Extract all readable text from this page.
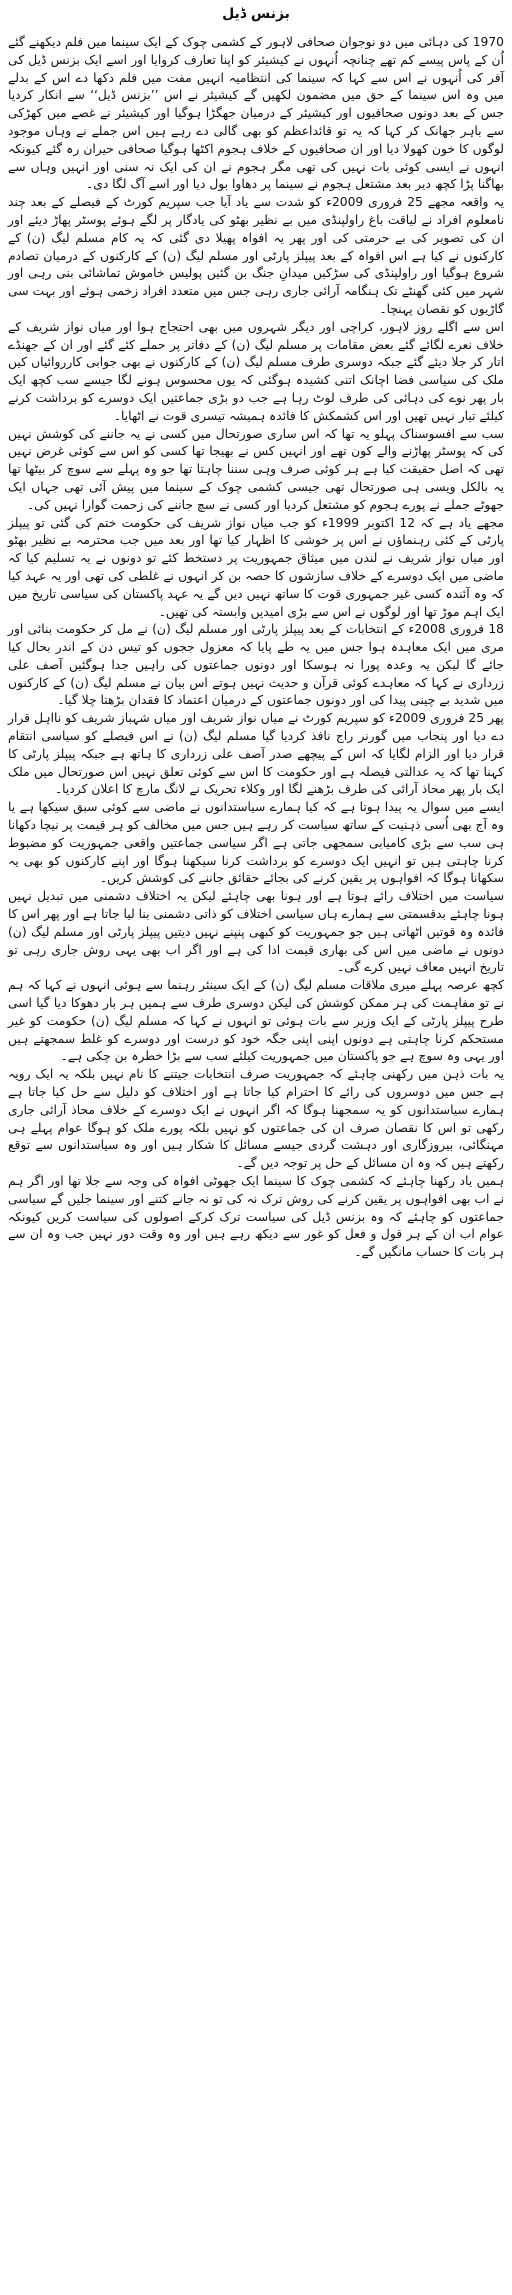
بزنس ڈیل

1970 کی دہائی میں دو نوجوان صحافی لاہور کے کشمی چوک کے ایک سینما میں فلم دیکھنے گئے اُن کے پاس پیسے کم تھے چنانچہ اُنہوں نے کیشیئر کو اپنا تعارف کروایا اور اسے ایک بزنس ڈیل کی آفر کی اُنہوں نے اس سے کہا کہ سینما کی انتظامیہ انہیں مفت میں فلم دکھا دے اس کے بدلے میں وہ اس سینما کے حق میں مضمون لکھیں گے کیشیئر نے اس ’’بزنس ڈیل‘‘ سے انکار کردیا جس کے بعد دونوں صحافیوں اور کیشیئر کے درمیان جھگڑا ہوگیا اور کیشیئر نے غصے میں کھڑکی سے باہر جھانک کر کہا کہ یہ تو قائداعظم کو بھی گالی دے رہے ہیں اس جملے نے وہاں موجود لوگوں کا خون کھولا دیا اور ان صحافیوں کے خلاف ہجوم اکٹھا ہوگیا صحافی حیران رہ گئے کیونکہ انہوں نے ایسی کوئی بات نہیں کی تھی مگر ہجوم نے ان کی ایک نہ سنی اور انہیں وہاں سے بھاگنا پڑا کچھ دیر بعد مشتعل ہجوم نے سینما پر دھاوا بول دیا اور اسے آگ لگا دی۔

یہ واقعہ مجھے 25 فروری 2009ء کو شدت سے یاد آیا جب سپریم کورٹ کے فیصلے کے بعد چند نامعلوم افراد نے لیاقت باغ راولپنڈی میں بے نظیر بھٹو کی یادگار پر لگے ہوئے پوسٹر پھاڑ دیئے اور ان کی تصویر کی بے حرمتی کی اور پھر یہ افواہ پھیلا دی گئی کہ یہ کام مسلم لیگ (ن) کے کارکنوں نے کیا ہے اس افواہ کے بعد پیپلز پارٹی اور مسلم لیگ (ن) کے کارکنوں کے درمیان تصادم شروع ہوگیا اور راولپنڈی کی سڑکیں میدانِ جنگ بن گئیں پولیس خاموش تماشائی بنی رہی اور شہر میں کئی گھنٹے تک ہنگامہ آرائی جاری رہی جس میں متعدد افراد زخمی ہوئے اور بہت سی گاڑیوں کو نقصان پہنچا۔

اس سے اگلے روز لاہور، کراچی اور دیگر شہروں میں بھی احتجاج ہوا اور میاں نواز شریف کے خلاف نعرے لگائے گئے بعض مقامات پر مسلم لیگ (ن) کے دفاتر پر حملے کئے گئے اور ان کے جھنڈے اتار کر جلا دیئے گئے جبکہ دوسری طرف مسلم لیگ (ن) کے کارکنوں نے بھی جوابی کارروائیاں کیں ملک کی سیاسی فضا اچانک اتنی کشیدہ ہوگئی کہ یوں محسوس ہونے لگا جیسے سب کچھ ایک بار پھر نوے کی دہائی کی طرف لوٹ رہا ہے جب دو بڑی جماعتیں ایک دوسرے کو برداشت کرنے کیلئے تیار نہیں تھیں اور اس کشمکش کا فائدہ ہمیشہ تیسری قوت نے اٹھایا۔

سب سے افسوسناک پہلو یہ تھا کہ اس ساری صورتحال میں کسی نے یہ جاننے کی کوشش نہیں کی کہ پوسٹر پھاڑنے والے کون تھے اور انہیں کس نے بھیجا تھا کسی کو اس سے کوئی غرض نہیں تھی کہ اصل حقیقت کیا ہے ہر کوئی صرف وہی سننا چاہتا تھا جو وہ پہلے سے سوچ کر بیٹھا تھا یہ بالکل ویسی ہی صورتحال تھی جیسی کشمی چوک کے سینما میں پیش آئی تھی جہاں ایک جھوٹے جملے نے پورے ہجوم کو مشتعل کردیا اور کسی نے سچ جاننے کی زحمت گوارا نہیں کی۔

مجھے یاد ہے کہ 12 اکتوبر 1999ء کو جب میاں نواز شریف کی حکومت ختم کی گئی تو پیپلز پارٹی کے کئی رہنماؤں نے اس پر خوشی کا اظہار کیا تھا اور بعد میں جب محترمہ بے نظیر بھٹو اور میاں نواز شریف نے لندن میں میثاق جمہوریت پر دستخط کئے تو دونوں نے یہ تسلیم کیا کہ ماضی میں ایک دوسرے کے خلاف سازشوں کا حصہ بن کر انہوں نے غلطی کی تھی اور یہ عہد کیا کہ وہ آئندہ کسی غیر جمہوری قوت کا ساتھ نہیں دیں گے یہ عہد پاکستان کی سیاسی تاریخ میں ایک اہم موڑ تھا اور لوگوں نے اس سے بڑی امیدیں وابستہ کی تھیں۔

18 فروری 2008ء کے انتخابات کے بعد پیپلز پارٹی اور مسلم لیگ (ن) نے مل کر حکومت بنائی اور مری میں ایک معاہدہ ہوا جس میں یہ طے پایا کہ معزول ججوں کو تیس دن کے اندر بحال کیا جائے گا لیکن یہ وعدہ پورا نہ ہوسکا اور دونوں جماعتوں کی راہیں جدا ہوگئیں آصف علی زرداری نے کہا کہ معاہدے کوئی قرآن و حدیث نہیں ہوتے اس بیان نے مسلم لیگ (ن) کے کارکنوں میں شدید بے چینی پیدا کی اور دونوں جماعتوں کے درمیان اعتماد کا فقدان بڑھتا چلا گیا۔

پھر 25 فروری 2009ء کو سپریم کورٹ نے میاں نواز شریف اور میاں شہباز شریف کو نااہل قرار دے دیا اور پنجاب میں گورنر راج نافذ کردیا گیا مسلم لیگ (ن) نے اس فیصلے کو سیاسی انتقام قرار دیا اور الزام لگایا کہ اس کے پیچھے صدر آصف علی زرداری کا ہاتھ ہے جبکہ پیپلز پارٹی کا کہنا تھا کہ یہ عدالتی فیصلہ ہے اور حکومت کا اس سے کوئی تعلق نہیں اس صورتحال میں ملک ایک بار پھر محاذ آرائی کی طرف بڑھنے لگا اور وکلاء تحریک نے لانگ مارچ کا اعلان کردیا۔

ایسے میں سوال یہ پیدا ہوتا ہے کہ کیا ہمارے سیاستدانوں نے ماضی سے کوئی سبق سیکھا ہے یا وہ آج بھی اُسی ذہنیت کے ساتھ سیاست کر رہے ہیں جس میں مخالف کو ہر قیمت پر نیچا دکھانا ہی سب سے بڑی کامیابی سمجھی جاتی ہے اگر سیاسی جماعتیں واقعی جمہوریت کو مضبوط کرنا چاہتی ہیں تو انہیں ایک دوسرے کو برداشت کرنا سیکھنا ہوگا اور اپنے کارکنوں کو بھی یہ سکھانا ہوگا کہ افواہوں پر یقین کرنے کی بجائے حقائق جاننے کی کوشش کریں۔

سیاست میں اختلاف رائے ہوتا ہے اور ہونا بھی چاہئے لیکن یہ اختلاف دشمنی میں تبدیل نہیں ہونا چاہئے بدقسمتی سے ہمارے ہاں سیاسی اختلاف کو ذاتی دشمنی بنا لیا جاتا ہے اور پھر اس کا فائدہ وہ قوتیں اٹھاتی ہیں جو جمہوریت کو کبھی پنپنے نہیں دیتیں پیپلز پارٹی اور مسلم لیگ (ن) دونوں نے ماضی میں اس کی بھاری قیمت ادا کی ہے اور اگر اب بھی یہی روش جاری رہی تو تاریخ انہیں معاف نہیں کرے گی۔

کچھ عرصہ پہلے میری ملاقات مسلم لیگ (ن) کے ایک سینئر رہنما سے ہوئی انہوں نے کہا کہ ہم نے تو مفاہمت کی ہر ممکن کوشش کی لیکن دوسری طرف سے ہمیں ہر بار دھوکا دیا گیا اسی طرح پیپلز پارٹی کے ایک وزیر سے بات ہوئی تو انہوں نے کہا کہ مسلم لیگ (ن) حکومت کو غیر مستحکم کرنا چاہتی ہے دونوں اپنی اپنی جگہ خود کو درست اور دوسرے کو غلط سمجھتے ہیں اور یہی وہ سوچ ہے جو پاکستان میں جمہوریت کیلئے سب سے بڑا خطرہ بن چکی ہے۔

یہ بات ذہن میں رکھنی چاہئے کہ جمہوریت صرف انتخابات جیتنے کا نام نہیں بلکہ یہ ایک رویہ ہے جس میں دوسروں کی رائے کا احترام کیا جاتا ہے اور اختلاف کو دلیل سے حل کیا جاتا ہے ہمارے سیاستدانوں کو یہ سمجھنا ہوگا کہ اگر انہوں نے ایک دوسرے کے خلاف محاذ آرائی جاری رکھی تو اس کا نقصان صرف ان کی جماعتوں کو نہیں بلکہ پورے ملک کو ہوگا عوام پہلے ہی مہنگائی، بیروزگاری اور دہشت گردی جیسے مسائل کا شکار ہیں اور وہ سیاستدانوں سے توقع رکھتے ہیں کہ وہ ان مسائل کے حل پر توجہ دیں گے۔

ہمیں یاد رکھنا چاہئے کہ کشمی چوک کا سینما ایک جھوٹی افواہ کی وجہ سے جلا تھا اور اگر ہم نے اب بھی افواہوں پر یقین کرنے کی روش ترک نہ کی تو نہ جانے کتنے اور سینما جلیں گے سیاسی جماعتوں کو چاہئے کہ وہ بزنس ڈیل کی سیاست ترک کرکے اصولوں کی سیاست کریں کیونکہ عوام اب ان کے ہر قول و فعل کو غور سے دیکھ رہے ہیں اور وہ وقت دور نہیں جب وہ ان سے ہر بات کا حساب مانگیں گے۔
